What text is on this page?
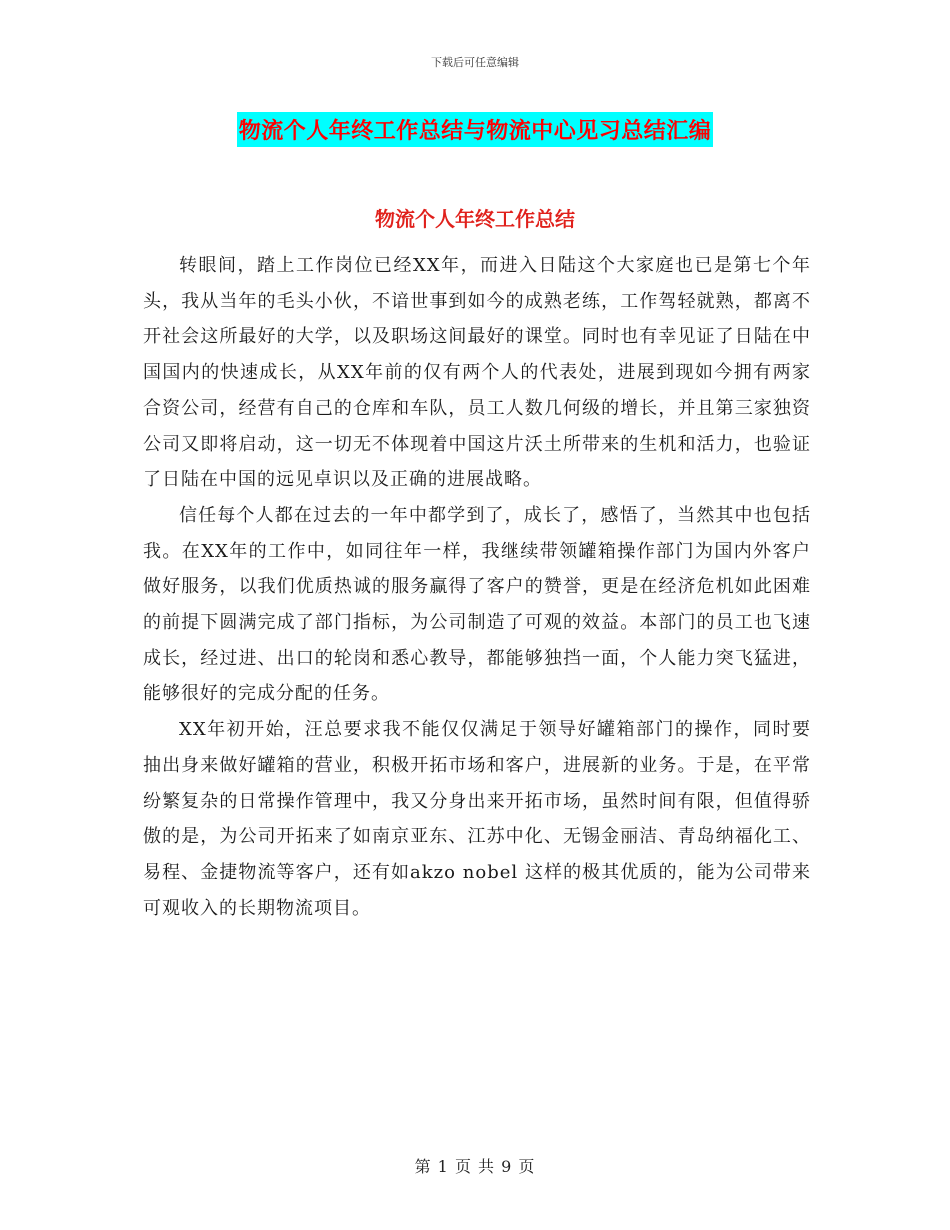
下载后可任意编辑
物流个人年终工作总结与物流中心见习总结汇编
物流个人年终工作总结

转眼间，踏上工作岗位已经XX年，而进入日陆这个大家庭也已是第七个年头，我从当年的毛头小伙，不谙世事到如今的成熟老练，工作驾轻就熟，都离不开社会这所最好的大学，以及职场这间最好的课堂。同时也有幸见证了日陆在中国国内的快速成长，从XX年前的仅有两个人的代表处，进展到现如今拥有两家合资公司，经营有自己的仓库和车队，员工人数几何级的增长，并且第三家独资公司又即将启动，这一切无不体现着中国这片沃土所带来的生机和活力，也验证了日陆在中国的远见卓识以及正确的进展战略。

信任每个人都在过去的一年中都学到了，成长了，感悟了，当然其中也包括我。在XX年的工作中，如同往年一样，我继续带领罐箱操作部门为国内外客户做好服务，以我们优质热诚的服务赢得了客户的赞誉，更是在经济危机如此困难的前提下圆满完成了部门指标，为公司制造了可观的效益。本部门的员工也飞速成长，经过进、出口的轮岗和悉心教导，都能够独挡一面，个人能力突飞猛进，能够很好的完成分配的任务。

XX年初开始，汪总要求我不能仅仅满足于领导好罐箱部门的操作，同时要抽出身来做好罐箱的营业，积极开拓市场和客户，进展新的业务。于是，在平常纷繁复杂的日常操作管理中，我又分身出来开拓市场，虽然时间有限，但值得骄傲的是，为公司开拓来了如南京亚东、江苏中化、无锡金丽洁、青岛纳福化工、易程、金捷物流等客户，还有如akzo nobel 这样的极其优质的，能为公司带来可观收入的长期物流项目。

第 1 页 共 9 页
